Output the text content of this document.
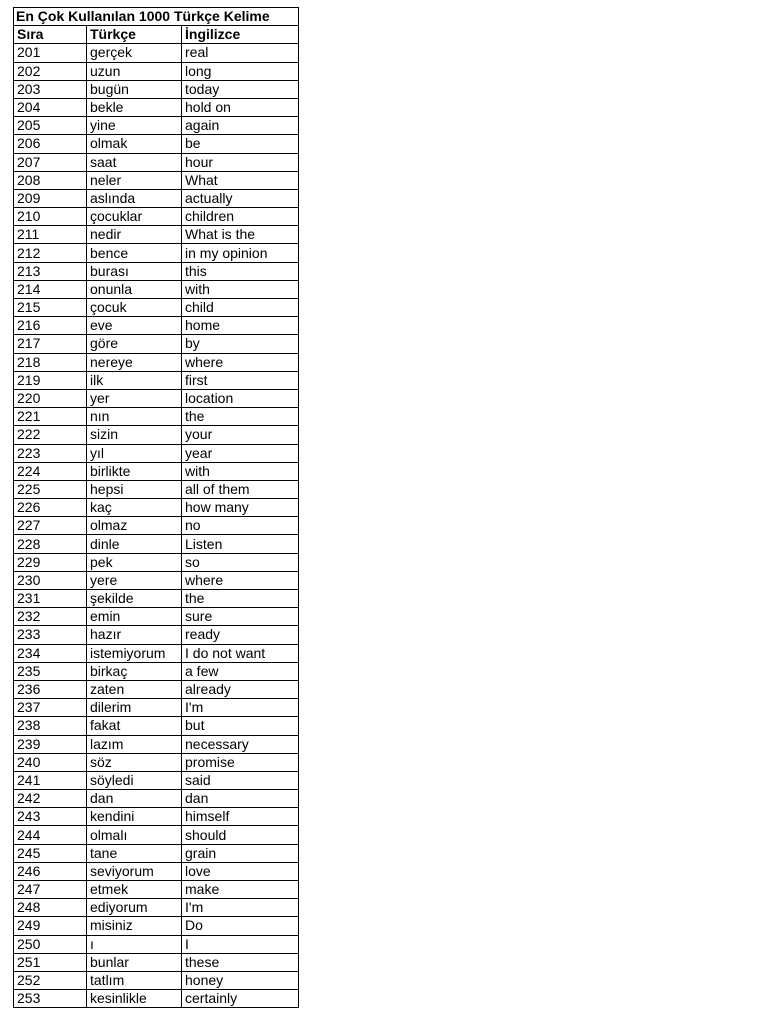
En Çok Kullanılan 1000 Türkçe Kelime		
Sıra	Türkçe	İngilizce
201	gerçek	real
202	uzun	long
203	bugün	today
204	bekle	hold on
205	yine	again
206	olmak	be
207	saat	hour
208	neler	What
209	aslında	actually
210	çocuklar	children
211	nedir	What is the
212	bence	in my opinion
213	burası	this
214	onunla	with
215	çocuk	child
216	eve	home
217	göre	by
218	nereye	where
219	ilk	first
220	yer	location
221	nın	the
222	sizin	your
223	yıl	year
224	birlikte	with
225	hepsi	all of them
226	kaç	how many
227	olmaz	no
228	dinle	Listen
229	pek	so
230	yere	where
231	şekilde	the
232	emin	sure
233	hazır	ready
234	istemiyorum	I do not want
235	birkaç	a few
236	zaten	already
237	dilerim	I'm
238	fakat	but
239	lazım	necessary
240	söz	promise
241	söyledi	said
242	dan	dan
243	kendini	himself
244	olmalı	should
245	tane	grain
246	seviyorum	love
247	etmek	make
248	ediyorum	I'm
249	misiniz	Do
250	ı	I
251	bunlar	these
252	tatlım	honey
253	kesinlikle	certainly
